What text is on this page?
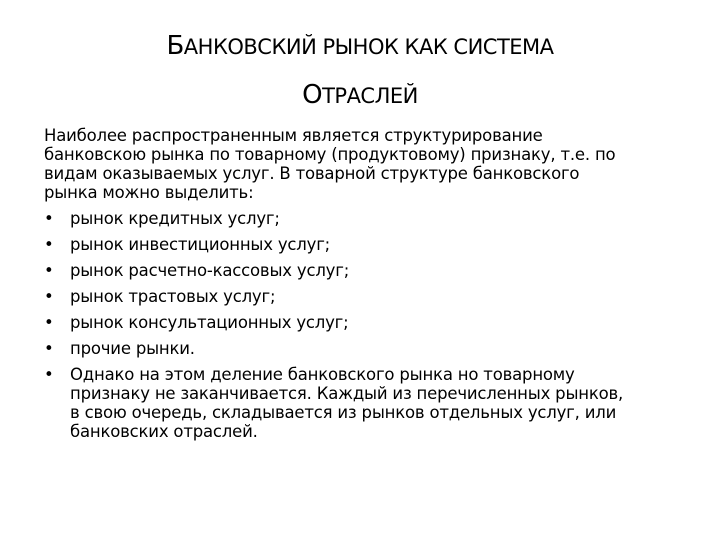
БАНКОВСКИЙ РЫНОК КАК СИСТЕМА
ОТРАСЛЕЙ

Наиболее распространенным является структурирование
банковскою рынка по товарному (продуктовому) признаку, т.е. по
видам оказываемых услуг. В товарной структуре банковского
рынка можно выделить:

• рынок кредитных услуг;
• рынок инвестиционных услуг;
• рынок расчетно-кассовых услуг;
• рынок трастовых услуг;
• рынок консультационных услуг;
• прочие рынки.
• Однако на этом деление банковского рынка но товарному
признаку не заканчивается. Каждый из перечисленных рынков,
в свою очередь, складывается из рынков отдельных услуг, или
банковских отраслей.
